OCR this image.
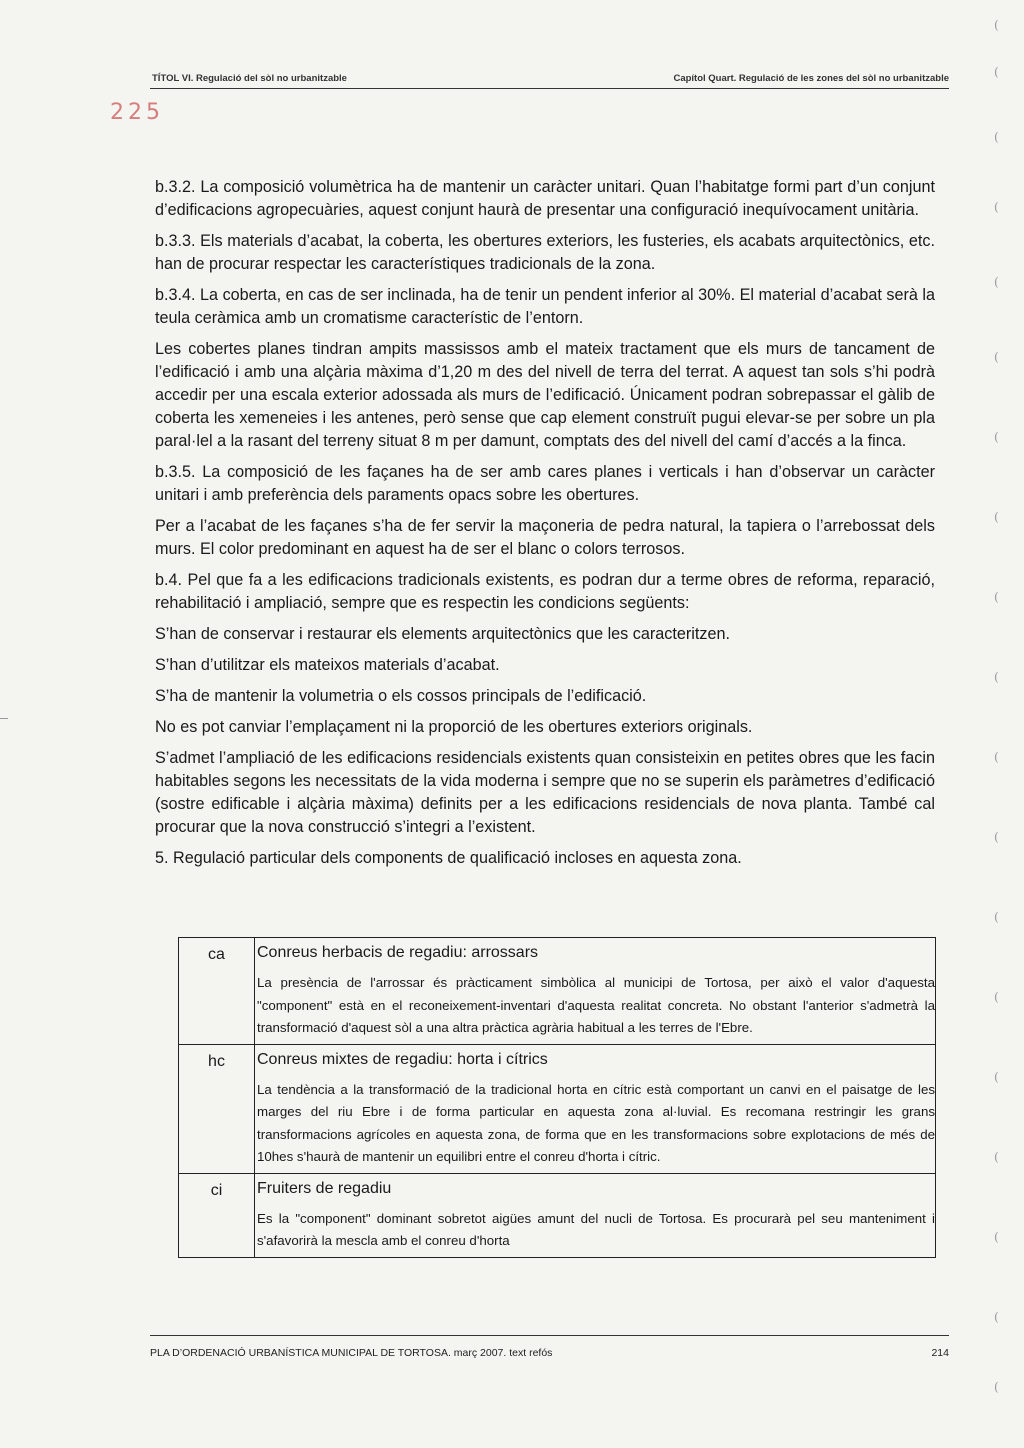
TÍTOL VI. Regulació del sòl no urbanitzable	Capítol Quart. Regulació de les zones del sòl no urbanitzable
225

b.3.2. La composició volumètrica ha de mantenir un caràcter unitari. Quan l’habitatge formi part d’un conjunt d’edificacions agropecuàries, aquest conjunt haurà de presentar una configuració inequívocament unitària.

b.3.3. Els materials d’acabat, la coberta, les obertures exteriors, les fusteries, els acabats arquitectònics, etc. han de procurar respectar les característiques tradicionals de la zona.

b.3.4. La coberta, en cas de ser inclinada, ha de tenir un pendent inferior al 30%. El material d’acabat serà la teula ceràmica amb un cromatisme característic de l’entorn.

Les cobertes planes tindran ampits massissos amb el mateix tractament que els murs de tancament de l’edificació i amb una alçària màxima d’1,20 m des del nivell de terra del terrat. A aquest tan sols s’hi podrà accedir per una escala exterior adossada als murs de l’edificació. Únicament podran sobrepassar el gàlib de coberta les xemeneies i les antenes, però sense que cap element construït pugui elevar-se per sobre un pla paral·lel a la rasant del terreny situat 8 m per damunt, comptats des del nivell del camí d’accés a la finca.

b.3.5. La composició de les façanes ha de ser amb cares planes i verticals i han d’observar un caràcter unitari i amb preferència dels paraments opacs sobre les obertures.

Per a l’acabat de les façanes s’ha de fer servir la maçoneria de pedra natural, la tapiera o l’arrebossat dels murs. El color predominant en aquest ha de ser el blanc o colors terrosos.

b.4. Pel que fa a les edificacions tradicionals existents, es podran dur a terme obres de reforma, reparació, rehabilitació i ampliació, sempre que es respectin les condicions següents:

S’han de conservar i restaurar els elements arquitectònics que les caracteritzen.

S’han d’utilitzar els mateixos materials d’acabat.

S’ha de mantenir la volumetria o els cossos principals de l’edificació.

No es pot canviar l’emplaçament ni la proporció de les obertures exteriors originals.

S’admet l’ampliació de les edificacions residencials existents quan consisteixin en petites obres que les facin habitables segons les necessitats de la vida moderna i sempre que no se superin els paràmetres d’edificació (sostre edificable i alçària màxima) definits per a les edificacions residencials de nova planta. També cal procurar que la nova construcció s’integri a l’existent.

5. Regulació particular dels components de qualificació incloses en aquesta zona.

ca	Conreus herbacis de regadiu: arrossars
La presència de l'arrossar és pràcticament simbòlica al municipi de Tortosa, per això el valor d'aquesta "component" està en el reconeixement-inventari d'aquesta realitat concreta. No obstant l'anterior s'admetrà la transformació d'aquest sòl a una altra pràctica agrària habitual a les terres de l'Ebre.

hc	Conreus mixtes de regadiu: horta i cítrics
La tendència a la transformació de la tradicional horta en cítric està comportant un canvi en el paisatge de les marges del riu Ebre i de forma particular en aquesta zona al·luvial. Es recomana restringir les grans transformacions agrícoles en aquesta zona, de forma que en les transformacions sobre explotacions de més de 10hes s'haurà de mantenir un equilibri entre el conreu d'horta i cítric.

ci	Fruiters de regadiu
Es la "component" dominant sobretot aigües amunt del nucli de Tortosa. Es procurarà pel seu manteniment i s'afavorirà la mescla amb el conreu d'horta
PLA D’ORDENACIÓ URBANÍSTICA MUNICIPAL DE TORTOSA. març 2007. text refós	214
(
(
(
(
(
(
(
(
(
(
(
(
(
(
(
(
(
(
(
